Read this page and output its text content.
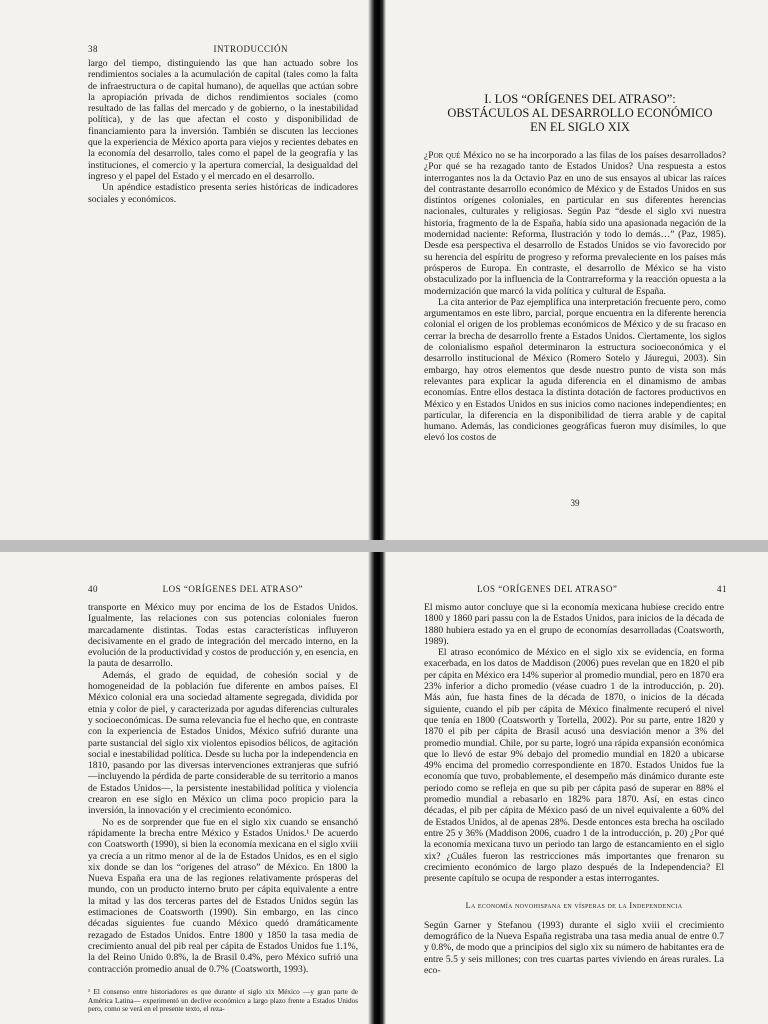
38	INTRODUCCIÓN

largo del tiempo, distinguiendo las que han actuado sobre los rendimientos sociales a la acumulación de capital (tales como la falta de infraestructura o de capital humano), de aquellas que actúan sobre la apropiación privada de dichos rendimientos sociales (como resultado de las fallas del mercado y de gobierno, o la inestabilidad política), y de las que afectan el costo y disponibilidad de financiamiento para la inversión. También se discuten las lecciones que la experiencia de México aporta para viejos y recientes debates en la economía del desarrollo, tales como el papel de la geografía y las instituciones, el comercio y la apertura comercial, la desigualdad del ingreso y el papel del Estado y el mercado en el desarrollo.

Un apéndice estadístico presenta series históricas de indicadores sociales y económicos.

I. LOS “ORÍGENES DEL ATRASO”:
OBSTÁCULOS AL DESARROLLO ECONÓMICO
EN EL SIGLO XIX

¿Por qué México no se ha incorporado a las filas de los países desarrollados? ¿Por qué se ha rezagado tanto de Estados Unidos? Una respuesta a estos interrogantes nos la da Octavio Paz en uno de sus ensayos al ubicar las raíces del contrastante desarrollo económico de México y de Estados Unidos en sus distintos orígenes coloniales, en particular en sus diferentes herencias nacionales, culturales y religiosas. Según Paz “desde el siglo xvi nuestra historia, fragmento de la de España, había sido una apasionada negación de la modernidad naciente: Reforma, Ilustración y todo lo demás…” (Paz, 1985). Desde esa perspectiva el desarrollo de Estados Unidos se vio favorecido por su herencia del espíritu de progreso y reforma prevaleciente en los países más prósperos de Europa. En contraste, el desarrollo de México se ha visto obstaculizado por la influencia de la Contrarreforma y la reacción opuesta a la modernización que marcó la vida política y cultural de España.

La cita anterior de Paz ejemplifica una interpretación frecuente pero, como argumentamos en este libro, parcial, porque encuentra en la diferente herencia colonial el origen de los problemas económicos de México y de su fracaso en cerrar la brecha de desarrollo frente a Estados Unidos. Ciertamente, los siglos de colonialismo español determinaron la estructura socioeconómica y el desarrollo institucional de México (Romero Sotelo y Jáuregui, 2003). Sin embargo, hay otros elementos que desde nuestro punto de vista son más relevantes para explicar la aguda diferencia en el dinamismo de ambas economías. Entre ellos destaca la distinta dotación de factores productivos en México y en Estados Unidos en sus inicios como naciones independientes; en particular, la diferencia en la disponibilidad de tierra arable y de capital humano. Además, las condiciones geográficas fueron muy disímiles, lo que elevó los costos de

39
40	LOS “ORÍGENES DEL ATRASO”

transporte en México muy por encima de los de Estados Unidos. Igualmente, las relaciones con sus potencias coloniales fueron marcadamente distintas. Todas estas características influyeron decisivamente en el grado de integración del mercado interno, en la evolución de la productividad y costos de producción y, en esencia, en la pauta de desarrollo.

Además, el grado de equidad, de cohesión social y de homogeneidad de la población fue diferente en ambos países. El México colonial era una sociedad altamente segregada, dividida por etnia y color de piel, y caracterizada por agudas diferencias culturales y socioeconómicas. De suma relevancia fue el hecho que, en contraste con la experiencia de Estados Unidos, México sufrió durante una parte sustancial del siglo xix violentos episodios bélicos, de agitación social e inestabilidad política. Desde su lucha por la independencia en 1810, pasando por las diversas intervenciones extranjeras que sufrió —incluyendo la pérdida de parte considerable de su territorio a manos de Estados Unidos—, la persistente inestabilidad política y violencia crearon en ese siglo en México un clima poco propicio para la inversión, la innovación y el crecimiento económico.

No es de sorprender que fue en el siglo xix cuando se ensanchó rápidamente la brecha entre México y Estados Unidos.¹ De acuerdo con Coatsworth (1990), si bien la economía mexicana en el siglo xviii ya crecía a un ritmo menor al de la de Estados Unidos, es en el siglo xix donde se dan los “orígenes del atraso” de México. En 1800 la Nueva España era una de las regiones relativamente prósperas del mundo, con un producto interno bruto per cápita equivalente a entre la mitad y las dos terceras partes del de Estados Unidos según las estimaciones de Coatsworth (1990). Sin embargo, en las cinco décadas siguientes fue cuando México quedó dramáticamente rezagado de Estados Unidos. Entre 1800 y 1850 la tasa media de crecimiento anual del pib real per cápita de Estados Unidos fue 1.1%, la del Reino Unido 0.8%, la de Brasil 0.4%, pero México sufrió una contracción promedio anual de 0.7% (Coatsworth, 1993).

¹ El consenso entre historiadores es que durante el siglo xix México —y gran parte de América Latina— experimentó un declive económico a largo plazo frente a Estados Unidos pero, como se verá en el presente texto, el reza-
LOS “ORÍGENES DEL ATRASO”	41

El mismo autor concluye que si la economía mexicana hubiese crecido entre 1800 y 1860 pari passu con la de Estados Unidos, para inicios de la década de 1880 hubiera estado ya en el grupo de economías desarrolladas (Coatsworth, 1989).

El atraso económico de México en el siglo xix se evidencia, en forma exacerbada, en los datos de Maddison (2006) pues revelan que en 1820 el pib per cápita en México era 14% superior al promedio mundial, pero en 1870 era 23% inferior a dicho promedio (véase cuadro 1 de la introducción, p. 20). Más aún, fue hasta fines de la década de 1870, o inicios de la década siguiente, cuando el pib per cápita de México finalmente recuperó el nivel que tenía en 1800 (Coatsworth y Tortella, 2002). Por su parte, entre 1820 y 1870 el pib per cápita de Brasil acusó una desviación menor a 3% del promedio mundial. Chile, por su parte, logró una rápida expansión económica que lo llevó de estar 9% debajo del promedio mundial en 1820 a ubicarse 49% encima del promedio correspondiente en 1870. Estados Unidos fue la economía que tuvo, probablemente, el desempeño más dinámico durante este periodo como se refleja en que su pib per cápita pasó de superar en 88% el promedio mundial a rebasarlo en 182% para 1870. Así, en estas cinco décadas, el pib per cápita de México pasó de un nivel equivalente a 60% del de Estados Unidos, al de apenas 28%. Desde entonces esta brecha ha oscilado entre 25 y 36% (Maddison 2006, cuadro 1 de la introducción, p. 20) ¿Por qué la economía mexicana tuvo un periodo tan largo de estancamiento en el siglo xix? ¿Cuáles fueron las restricciones más importantes que frenaron su crecimiento económico de largo plazo después de la Independencia? El presente capítulo se ocupa de responder a estas interrogantes.

La economía novohispana en vísperas de la Independencia

Según Garner y Stefanou (1993) durante el siglo xviii el crecimiento demográfico de la Nueva España registraba una tasa media anual de entre 0.7 y 0.8%, de modo que a principios del siglo xix su número de habitantes era de entre 5.5 y seis millones; con tres cuartas partes viviendo en áreas rurales. La eco-
